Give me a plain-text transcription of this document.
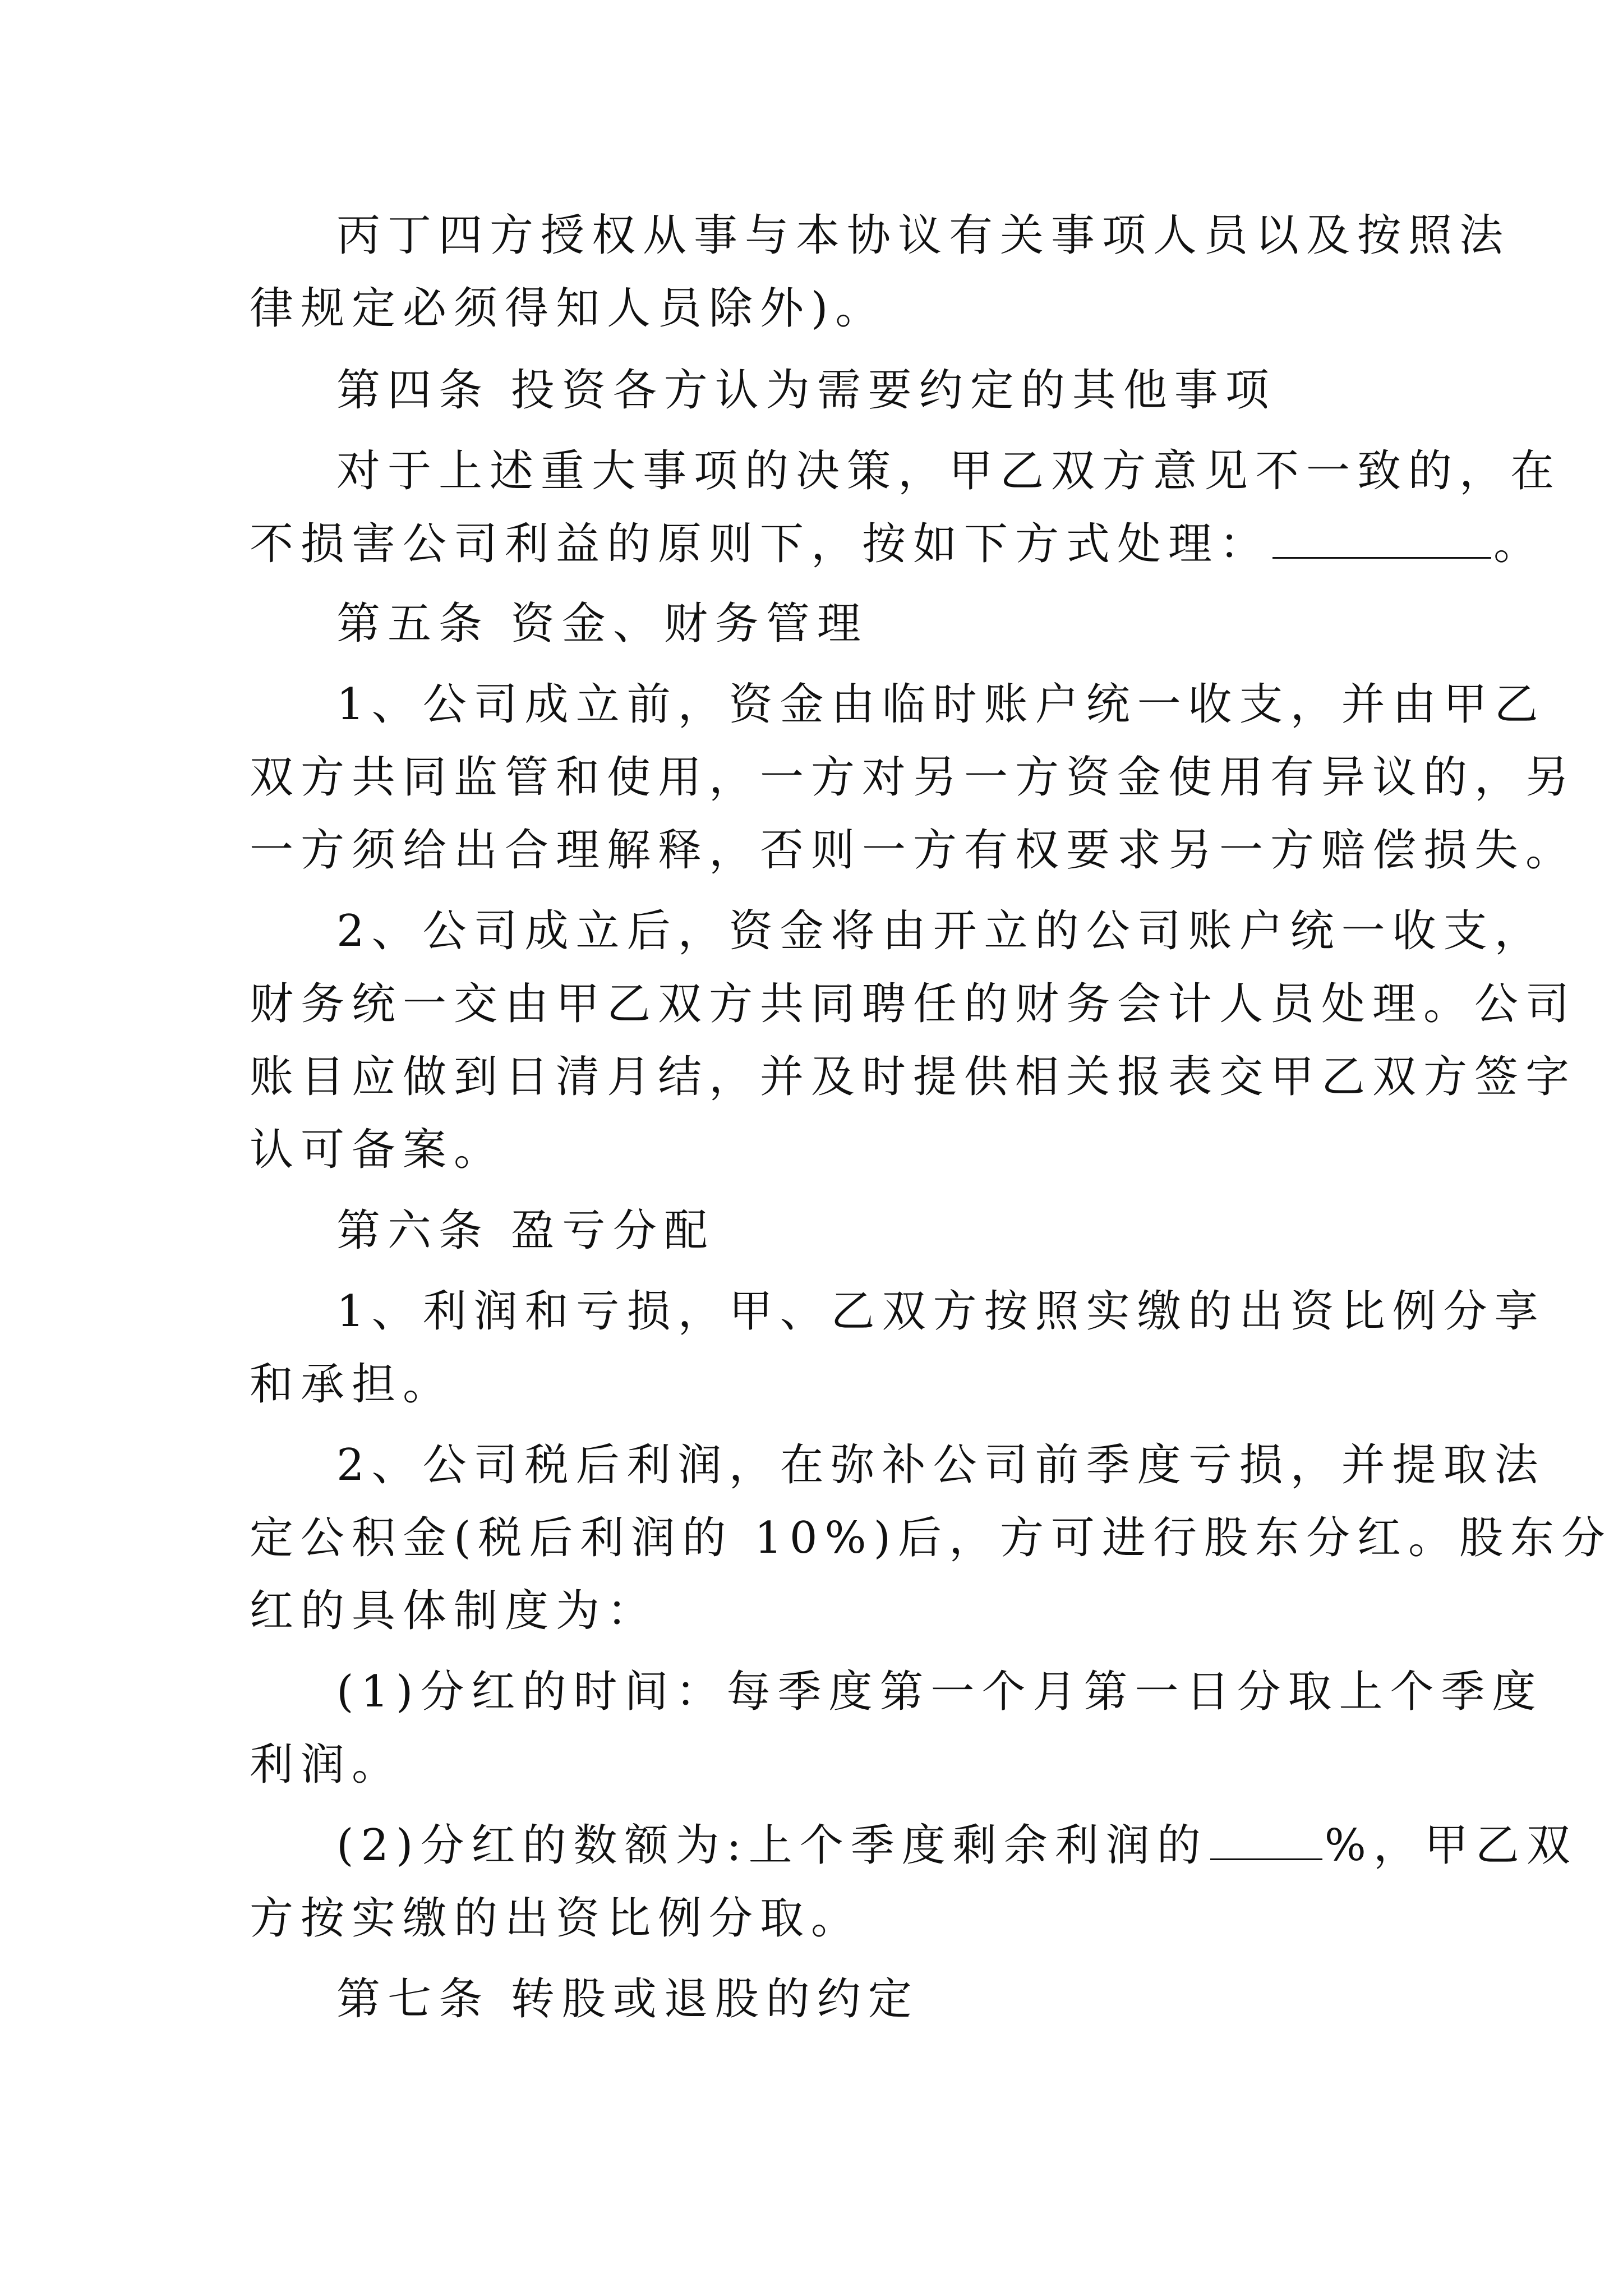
丙丁四方授权从事与本协议有关事项人员以及按照法
律规定必须得知人员除外)。
第四条 投资各方认为需要约定的其他事项
对于上述重大事项的决策，甲乙双方意见不一致的，在
不损害公司利益的原则下，按如下方式处理：	。
第五条 资金、财务管理
1、公司成立前，资金由临时账户统一收支，并由甲乙
双方共同监管和使用，一方对另一方资金使用有异议的，另
一方须给出合理解释，否则一方有权要求另一方赔偿损失。
2、公司成立后，资金将由开立的公司账户统一收支，
财务统一交由甲乙双方共同聘任的财务会计人员处理。公司
账目应做到日清月结，并及时提供相关报表交甲乙双方签字
认可备案。
第六条 盈亏分配
1、利润和亏损，甲、乙双方按照实缴的出资比例分享
和承担。
2、公司税后利润，在弥补公司前季度亏损，并提取法
定公积金(税后利润的 10%)后，方可进行股东分红。股东分
红的具体制度为：
(1)分红的时间：每季度第一个月第一日分取上个季度
利润。
(2)分红的数额为:上个季度剩余利润的	%，甲乙双
方按实缴的出资比例分取。
第七条 转股或退股的约定
